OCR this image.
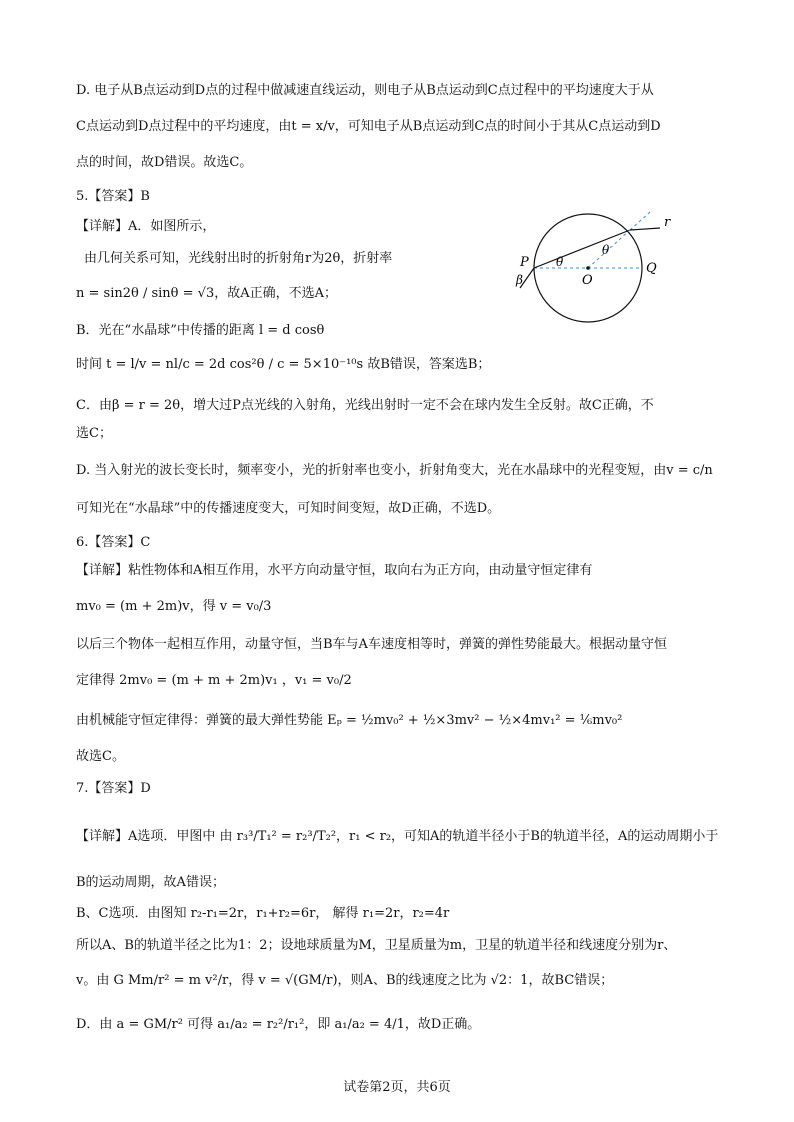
D. 电子从B点运动到D点的过程中做减速直线运动，则电子从B点运动到C点过程中的平均速度大于从
C点运动到D点过程中的平均速度，由t = x/v，可知电子从B点运动到C点的时间小于其从C点运动到D
点的时间，故D错误。故选C。
5.【答案】B
【详解】A．如图所示，
由几何关系可知，光线射出时的折射角r为2θ，折射率
n = sin2θ / sinθ = √3，故A正确，不选A；
B．光在“水晶球”中传播的距离 l = d cosθ
时间 t = l/v = nl/c = 2d cos²θ / c = 5×10⁻¹⁰s 故B错误，答案选B；
C．由β = r = 2θ，增大过P点光线的入射角，光线出射时一定不会在球内发生全反射。故C正确，不
选C；
D. 当入射光的波长变长时，频率变小，光的折射率也变小，折射角变大，光在水晶球中的光程变短，由v = c/n
可知光在“水晶球”中的传播速度变大，可知时间变短，故D正确，不选D。
6.【答案】C
【详解】粘性物体和A相互作用，水平方向动量守恒，取向右为正方向，由动量守恒定律有
mv₀ = (m + 2m)v，得 v = v₀/3
以后三个物体一起相互作用，动量守恒，当B车与A车速度相等时，弹簧的弹性势能最大。根据动量守恒
定律得 2mv₀ = (m + m + 2m)v₁ ，v₁ = v₀/2
由机械能守恒定律得：弹簧的最大弹性势能 Eₚ = ½mv₀² + ½×3mv² − ½×4mv₁² = ⅙mv₀²
故选C。
7.【答案】D
【详解】A选项．甲图中 由 r₃³/T₁² = r₂³/T₂²，r₁ < r₂，可知A的轨道半径小于B的轨道半径，A的运动周期小于
B的运动周期，故A错误；
B、C选项．由图知 r₂-r₁=2r，r₁+r₂=6r， 解得 r₁=2r，r₂=4r
所以A、B的轨道半径之比为1：2；设地球质量为M，卫星质量为m，卫星的轨道半径和线速度分别为r、
v。由 G Mm/r² = m v²/r，得 v = √(GM/r)，则A、B的线速度之比为 √2：1，故BC错误；
D．由 a = GM/r² 可得 a₁/a₂ = r₂²/r₁²，即 a₁/a₂ = 4/1，故D正确。
P	Q
O
r
θ
θ
β
试卷第2页，共6页
